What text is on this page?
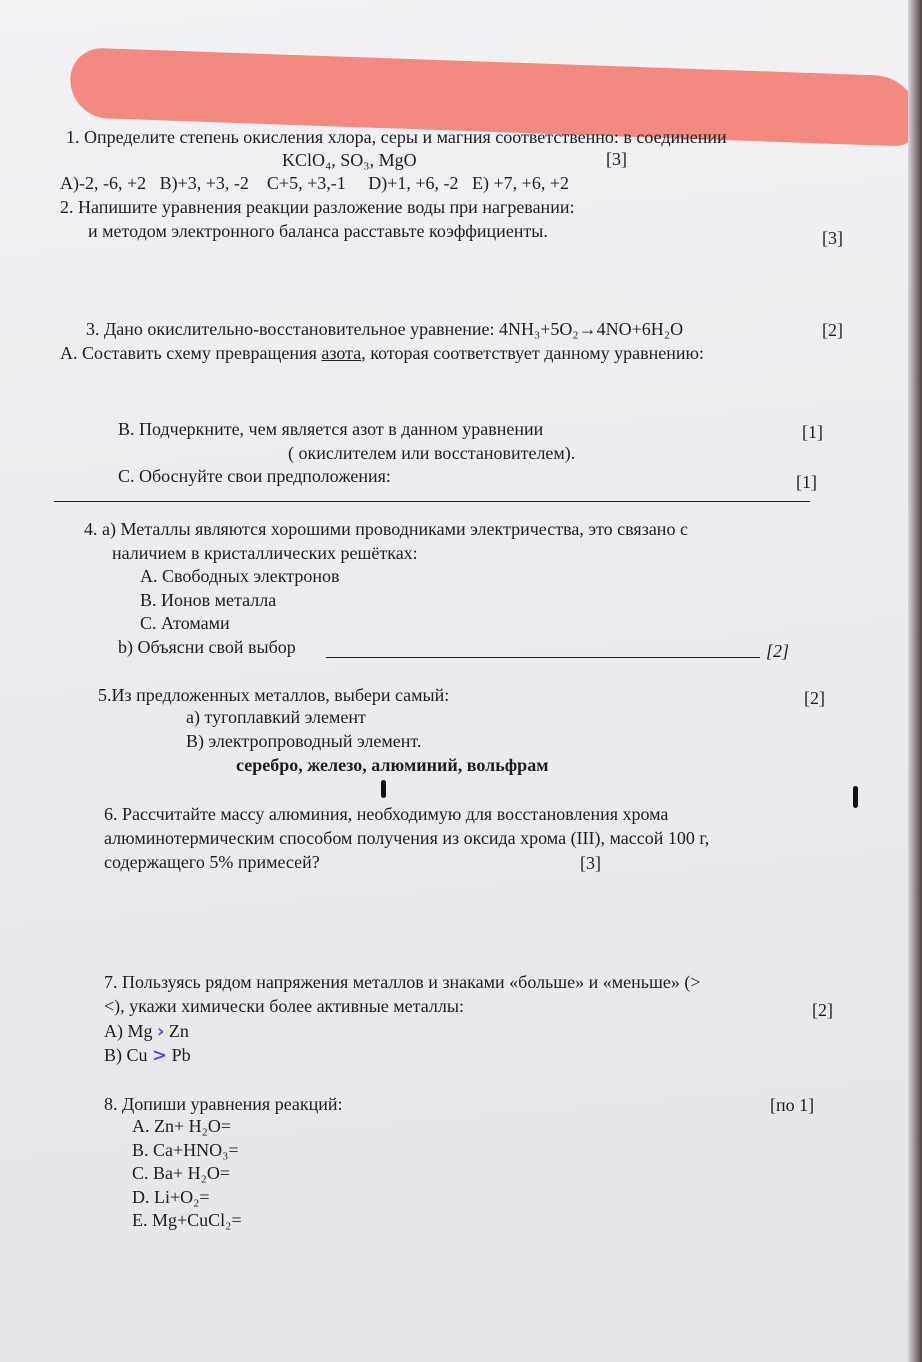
1. Определите степень окисления хлора, серы и магния соответственно: в соединении
KClO₄, SO₃, MgO	[3]
A)-2, -6, +2   B)+3, +3, -2    C+5, +3,-1     D)+1, +6, -2   E) +7, +6, +2
2. Напишите уравнения реакции разложение воды при нагревании:
и методом электронного баланса расставьте коэффициенты.	[3]
3. Дано окислительно-восстановительное уравнение: 4NH₃+5O₂→4NO+6H₂O	[2]
A. Составить схему превращения азота, которая соответствует данному уравнению:
B. Подчеркните, чем является азот в данном уравнении	[1]
( окислителем или восстановителем).
C. Обоснуйте свои предположения:	[1]
4. а) Металлы являются хорошими проводниками электричества, это связано с
наличием в кристаллических решётках:
A. Свободных электронов
B. Ионов металла
C. Атомами
b) Объясни свой выбор	[2]
5.Из предложенных металлов, выбери самый:	[2]
а) тугоплавкий элемент
B) электропроводный элемент.
серебро, железо, алюминий, вольфрам
6. Рассчитайте массу алюминия, необходимую для восстановления хрома
алюминотермическим способом получения из оксида хрома (III), массой 100 г,
содержащего 5% примесей?	[3]
7. Пользуясь рядом напряжения металлов и знаками «больше» и «меньше» (>
<), укажи химически более активные металлы:	[2]
A) Mg › Zn
B) Cu > Pb
8. Допиши уравнения реакций:	[по 1]
A. Zn+ H₂O=
B. Ca+HNO₃=
C. Ba+ H₂O=
D. Li+O₂=
E. Mg+CuCl₂=
